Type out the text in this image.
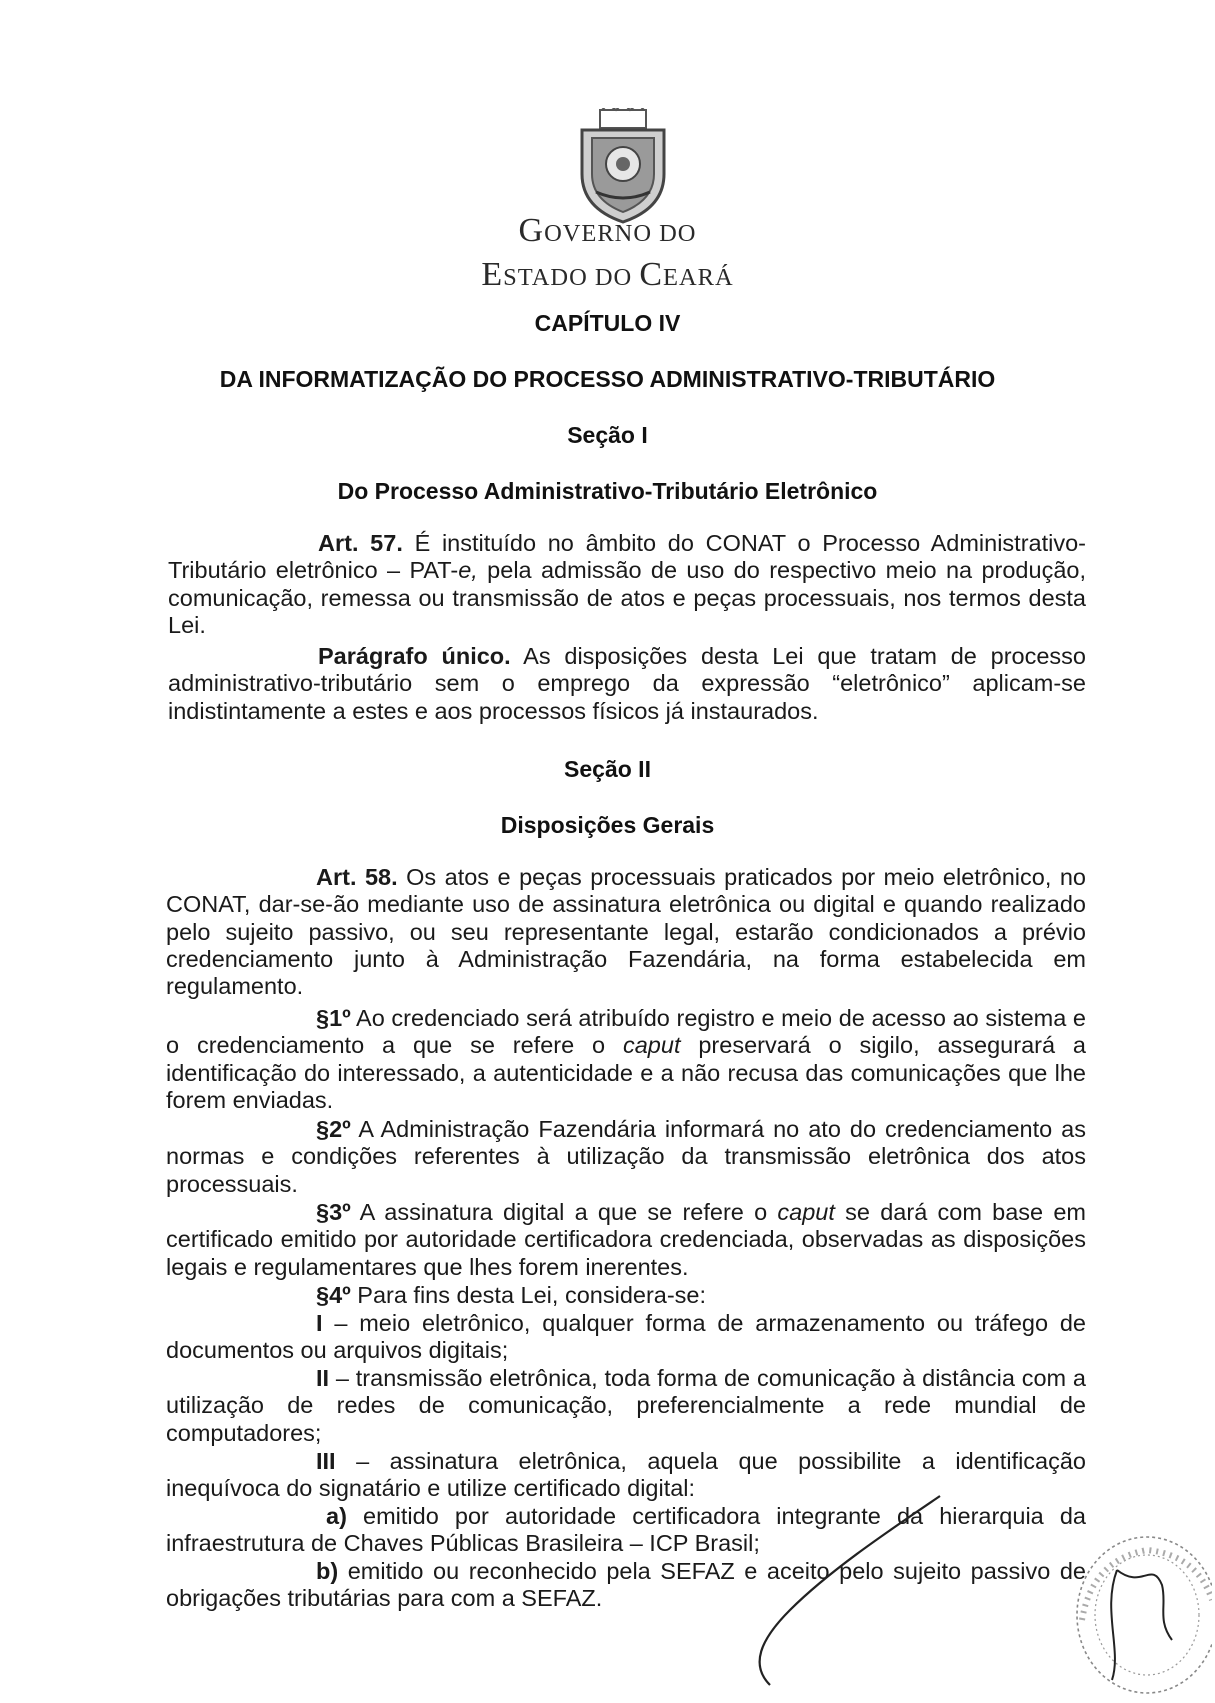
GOVERNO DO
ESTADO DO CEARÁ
CAPÍTULO IV
DA INFORMATIZAÇÃO DO PROCESSO ADMINISTRATIVO-TRIBUTÁRIO
Seção I
Do Processo Administrativo-Tributário Eletrônico
Art. 57. É instituído no âmbito do CONAT o Processo Administrativo-Tributário eletrônico – PAT-e, pela admissão de uso do respectivo meio na produção, comunicação, remessa ou transmissão de atos e peças processuais, nos termos desta Lei.
Parágrafo único. As disposições desta Lei que tratam de processo administrativo-tributário sem o emprego da expressão “eletrônico” aplicam-se indistintamente a estes e aos processos físicos já instaurados.
Seção II
Disposições Gerais
Art. 58. Os atos e peças processuais praticados por meio eletrônico, no CONAT, dar-se-ão mediante uso de assinatura eletrônica ou digital e quando realizado pelo sujeito passivo, ou seu representante legal, estarão condicionados a prévio credenciamento junto à Administração Fazendária, na forma estabelecida em regulamento.
§1º Ao credenciado será atribuído registro e meio de acesso ao sistema e o credenciamento a que se refere o caput preservará o sigilo, assegurará a identificação do interessado, a autenticidade e a não recusa das comunicações que lhe forem enviadas.
§2º A Administração Fazendária informará no ato do credenciamento as normas e condições referentes à utilização da transmissão eletrônica dos atos processuais.
§3º A assinatura digital a que se refere o caput se dará com base em certificado emitido por autoridade certificadora credenciada, observadas as disposições legais e regulamentares que lhes forem inerentes.
§4º Para fins desta Lei, considera-se:
I – meio eletrônico, qualquer forma de armazenamento ou tráfego de documentos ou arquivos digitais;
II – transmissão eletrônica, toda forma de comunicação à distância com a utilização de redes de comunicação, preferencialmente a rede mundial de computadores;
III – assinatura eletrônica, aquela que possibilite a identificação inequívoca do signatário e utilize certificado digital:
a) emitido por autoridade certificadora integrante da hierarquia da infraestrutura de Chaves Públicas Brasileira – ICP Brasil;
b) emitido ou reconhecido pela SEFAZ e aceito pelo sujeito passivo de obrigações tributárias para com a SEFAZ.
